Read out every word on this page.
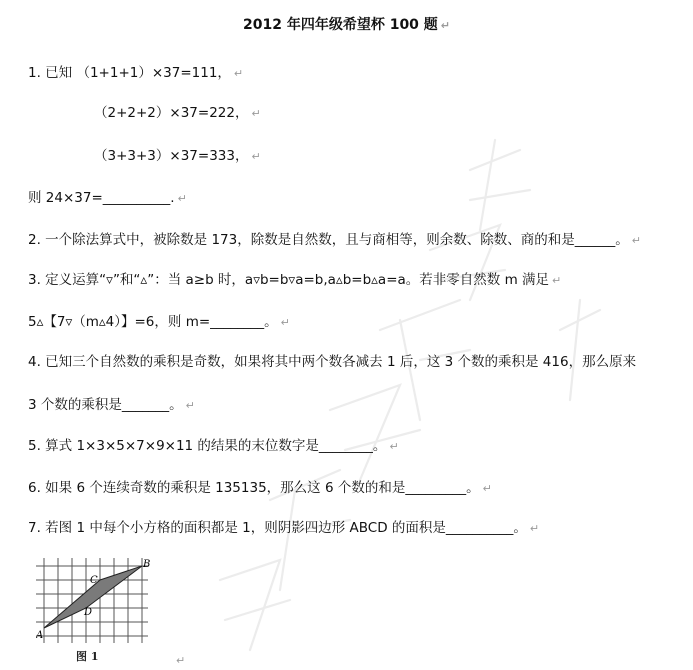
2012 年四年级希望杯 100 题 ↵
1. 已知 （1+1+1）×37=111， ↵
（2+2+2）×37=222， ↵
（3+3+3）×37=333， ↵
则 24×37=__________. ↵
2. 一个除法算式中，被除数是 173，除数是自然数，且与商相等，则余数、除数、商的和是______。 ↵
3. 定义运算“▿”和“▵”：当 a≥b 时，a▿b=b▿a=b,a▵b=b▵a=a。若非零自然数 m 满足 ↵
5▵【7▿（m▵4）】=6，则 m=________。 ↵
4. 已知三个自然数的乘积是奇数，如果将其中两个数各减去 1 后，这 3 个数的乘积是 416，那么原来
3 个数的乘积是_______。 ↵
5. 算式 1×3×5×7×9×11 的结果的末位数字是________。 ↵
6. 如果 6 个连续奇数的乘积是 135135，那么这 6 个数的和是_________。 ↵
7. 若图 1 中每个小方格的面积都是 1，则阴影四边形 ABCD 的面积是__________。 ↵
A
B
C
D
图 1	↵
